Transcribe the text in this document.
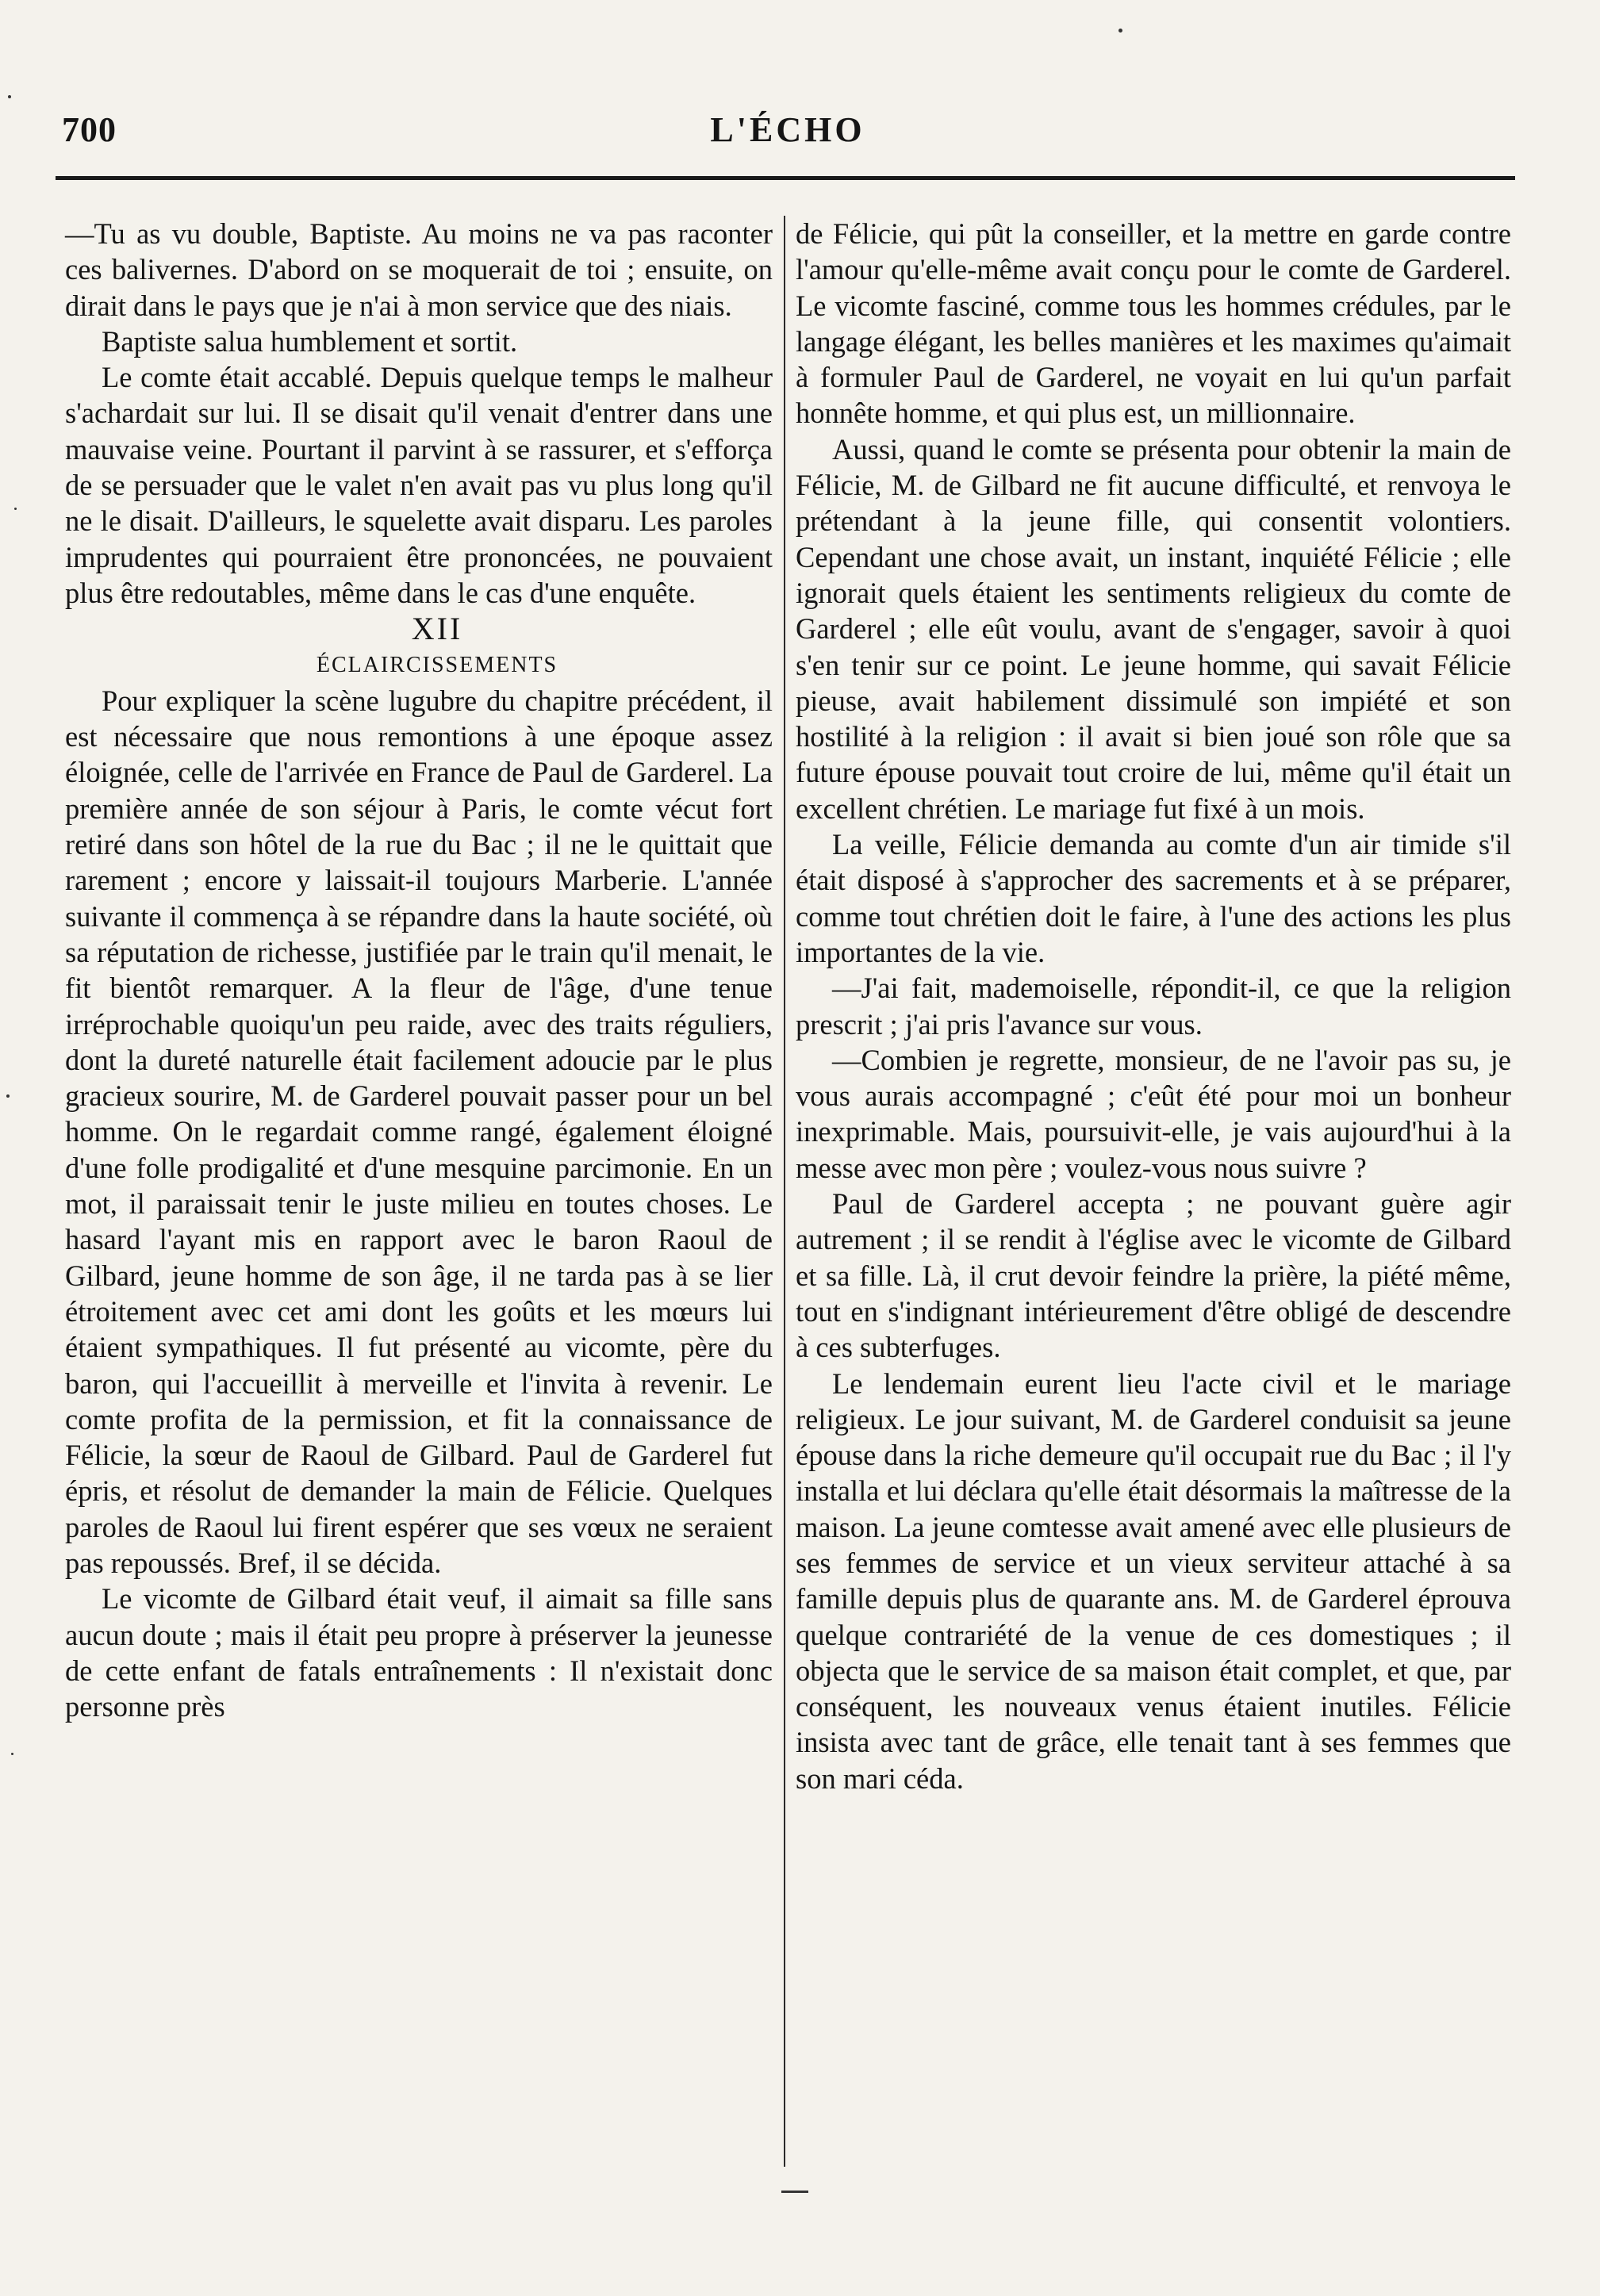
700	L'ÉCHO

—Tu as vu double, Baptiste. Au moins ne va pas raconter ces balivernes. D'abord on se moquerait de toi ; ensuite, on dirait dans le pays que je n'ai à mon service que des niais.

Baptiste salua humblement et sortit.

Le comte était accablé. Depuis quelque temps le malheur s'achardait sur lui. Il se disait qu'il venait d'entrer dans une mauvaise veine. Pourtant il parvint à se rassurer, et s'efforça de se persuader que le valet n'en avait pas vu plus long qu'il ne le disait. D'ailleurs, le squelette avait disparu. Les paroles imprudentes qui pourraient être prononcées, ne pouvaient plus être redoutables, même dans le cas d'une enquête.

XII

ÉCLAIRCISSEMENTS

Pour expliquer la scène lugubre du chapitre précédent, il est nécessaire que nous remontions à une époque assez éloignée, celle de l'arrivée en France de Paul de Garderel. La première année de son séjour à Paris, le comte vécut fort retiré dans son hôtel de la rue du Bac ; il ne le quittait que rarement ; encore y laissait-il toujours Marberie. L'année suivante il commença à se répandre dans la haute société, où sa réputation de richesse, justifiée par le train qu'il menait, le fit bientôt remarquer. A la fleur de l'âge, d'une tenue irréprochable quoiqu'un peu raide, avec des traits réguliers, dont la dureté naturelle était facilement adoucie par le plus gracieux sourire, M. de Garderel pouvait passer pour un bel homme. On le regardait comme rangé, également éloigné d'une folle prodigalité et d'une mesquine parcimonie. En un mot, il paraissait tenir le juste milieu en toutes choses. Le hasard l'ayant mis en rapport avec le baron Raoul de Gilbard, jeune homme de son âge, il ne tarda pas à se lier étroitement avec cet ami dont les goûts et les mœurs lui étaient sympathiques. Il fut présenté au vicomte, père du baron, qui l'accueillit à merveille et l'invita à revenir. Le comte profita de la permission, et fit la connaissance de Félicie, la sœur de Raoul de Gilbard. Paul de Garderel fut épris, et résolut de demander la main de Félicie. Quelques paroles de Raoul lui firent espérer que ses vœux ne seraient pas repoussés. Bref, il se décida.

Le vicomte de Gilbard était veuf, il aimait sa fille sans aucun doute ; mais il était peu propre à préserver la jeunesse de cette enfant de fatals entraînements : Il n'existait donc personne près

de Félicie, qui pût la conseiller, et la mettre en garde contre l'amour qu'elle-même avait conçu pour le comte de Garderel. Le vicomte fasciné, comme tous les hommes crédules, par le langage élégant, les belles manières et les maximes qu'aimait à formuler Paul de Garderel, ne voyait en lui qu'un parfait honnête homme, et qui plus est, un millionnaire.

Aussi, quand le comte se présenta pour obtenir la main de Félicie, M. de Gilbard ne fit aucune difficulté, et renvoya le prétendant à la jeune fille, qui consentit volontiers. Cependant une chose avait, un instant, inquiété Félicie ; elle ignorait quels étaient les sentiments religieux du comte de Garderel ; elle eût voulu, avant de s'engager, savoir à quoi s'en tenir sur ce point. Le jeune homme, qui savait Félicie pieuse, avait habilement dissimulé son impiété et son hostilité à la religion : il avait si bien joué son rôle que sa future épouse pouvait tout croire de lui, même qu'il était un excellent chrétien. Le mariage fut fixé à un mois.

La veille, Félicie demanda au comte d'un air timide s'il était disposé à s'approcher des sacrements et à se préparer, comme tout chrétien doit le faire, à l'une des actions les plus importantes de la vie.

—J'ai fait, mademoiselle, répondit-il, ce que la religion prescrit ; j'ai pris l'avance sur vous.

—Combien je regrette, monsieur, de ne l'avoir pas su, je vous aurais accompagné ; c'eût été pour moi un bonheur inexprimable. Mais, poursuivit-elle, je vais aujourd'hui à la messe avec mon père ; voulez-vous nous suivre ?

Paul de Garderel accepta ; ne pouvant guère agir autrement ; il se rendit à l'église avec le vicomte de Gilbard et sa fille. Là, il crut devoir feindre la prière, la piété même, tout en s'indignant intérieurement d'être obligé de descendre à ces subterfuges.

Le lendemain eurent lieu l'acte civil et le mariage religieux. Le jour suivant, M. de Garderel conduisit sa jeune épouse dans la riche demeure qu'il occupait rue du Bac ; il l'y installa et lui déclara qu'elle était désormais la maîtresse de la maison. La jeune comtesse avait amené avec elle plusieurs de ses femmes de service et un vieux serviteur attaché à sa famille depuis plus de quarante ans. M. de Garderel éprouva quelque contrariété de la venue de ces domestiques ; il objecta que le service de sa maison était complet, et que, par conséquent, les nouveaux venus étaient inutiles. Félicie insista avec tant de grâce, elle tenait tant à ses femmes que son mari céda.
